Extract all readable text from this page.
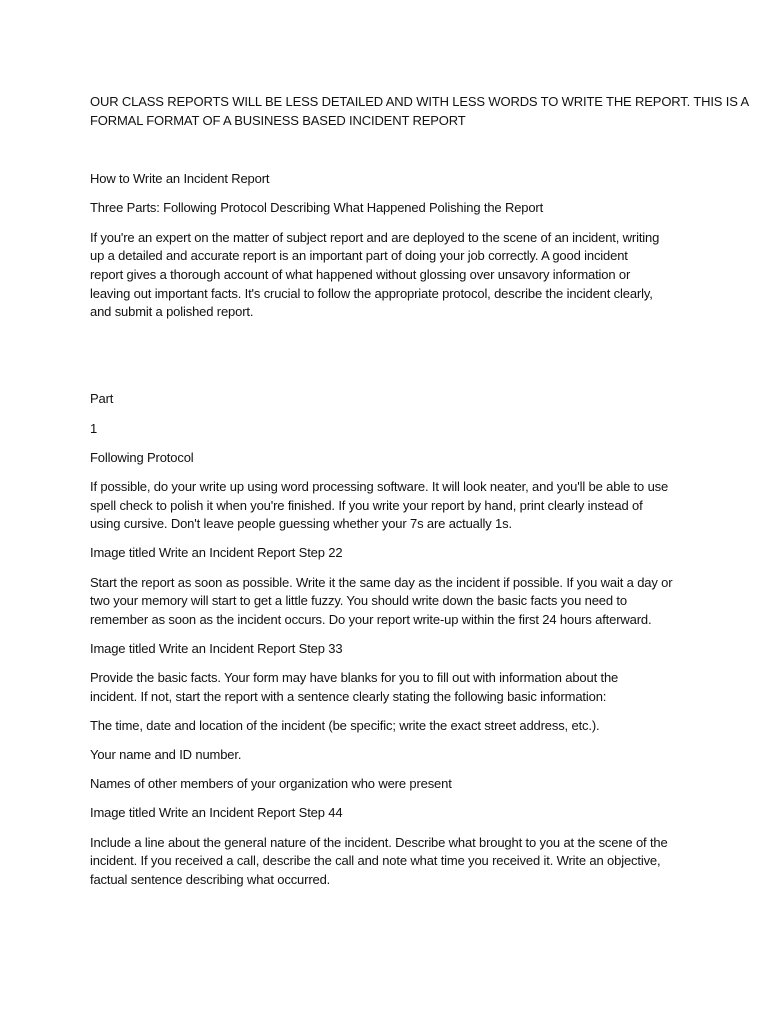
OUR CLASS REPORTS WILL BE LESS DETAILED AND WITH LESS WORDS TO WRITE THE REPORT. THIS IS A
FORMAL FORMAT OF A BUSINESS BASED INCIDENT REPORT
How to Write an Incident Report
Three Parts: Following Protocol Describing What Happened Polishing the Report
If you're an expert on the matter of subject report and are deployed to the scene of an incident, writing
up a detailed and accurate report is an important part of doing your job correctly. A good incident
report gives a thorough account of what happened without glossing over unsavory information or
leaving out important facts. It's crucial to follow the appropriate protocol, describe the incident clearly,
and submit a polished report.
Part
1
Following Protocol
If possible, do your write up using word processing software. It will look neater, and you'll be able to use
spell check to polish it when you're finished. If you write your report by hand, print clearly instead of
using cursive. Don't leave people guessing whether your 7s are actually 1s.
Image titled Write an Incident Report Step 22
Start the report as soon as possible. Write it the same day as the incident if possible. If you wait a day or
two your memory will start to get a little fuzzy. You should write down the basic facts you need to
remember as soon as the incident occurs. Do your report write-up within the first 24 hours afterward.
Image titled Write an Incident Report Step 33
Provide the basic facts. Your form may have blanks for you to fill out with information about the
incident. If not, start the report with a sentence clearly stating the following basic information:
The time, date and location of the incident (be specific; write the exact street address, etc.).
Your name and ID number.
Names of other members of your organization who were present
Image titled Write an Incident Report Step 44
Include a line about the general nature of the incident. Describe what brought to you at the scene of the
incident. If you received a call, describe the call and note what time you received it. Write an objective,
factual sentence describing what occurred.
